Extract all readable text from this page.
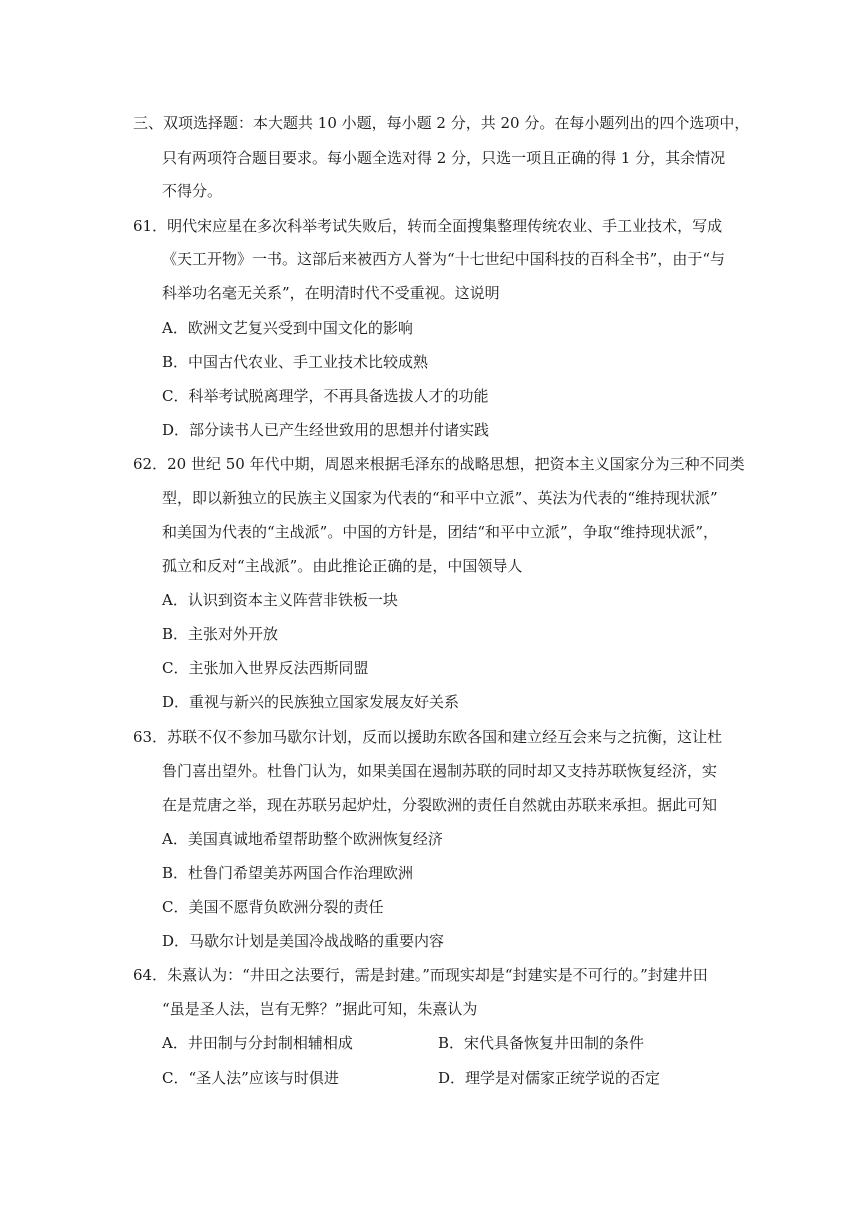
三、双项选择题：本大题共 10 小题，每小题 2 分，共 20 分。在每小题列出的四个选项中，
只有两项符合题目要求。每小题全选对得 2 分，只选一项且正确的得 1 分，其余情况
不得分。
61．明代宋应星在多次科举考试失败后，转而全面搜集整理传统农业、手工业技术，写成
《天工开物》一书。这部后来被西方人誉为“十七世纪中国科技的百科全书”，由于“与
科举功名毫无关系”，在明清时代不受重视。这说明
A．欧洲文艺复兴受到中国文化的影响
B．中国古代农业、手工业技术比较成熟
C．科举考试脱离理学，不再具备选拔人才的功能
D．部分读书人已产生经世致用的思想并付诸实践
62．20 世纪 50 年代中期，周恩来根据毛泽东的战略思想，把资本主义国家分为三种不同类
型，即以新独立的民族主义国家为代表的“和平中立派”、英法为代表的“维持现状派”
和美国为代表的“主战派”。中国的方针是，团结“和平中立派”，争取“维持现状派”，
孤立和反对“主战派”。由此推论正确的是，中国领导人
A．认识到资本主义阵营非铁板一块
B．主张对外开放
C．主张加入世界反法西斯同盟
D．重视与新兴的民族独立国家发展友好关系
63．苏联不仅不参加马歇尔计划，反而以援助东欧各国和建立经互会来与之抗衡，这让杜
鲁门喜出望外。杜鲁门认为，如果美国在遏制苏联的同时却又支持苏联恢复经济，实
在是荒唐之举，现在苏联另起炉灶，分裂欧洲的责任自然就由苏联来承担。据此可知
A．美国真诚地希望帮助整个欧洲恢复经济
B．杜鲁门希望美苏两国合作治理欧洲
C．美国不愿背负欧洲分裂的责任
D．马歇尔计划是美国冷战战略的重要内容
64．朱熹认为：“井田之法要行，需是封建。”而现实却是“封建实是不可行的。”封建井田
“虽是圣人法，岂有无弊？”据此可知，朱熹认为
A．井田制与分封制相辅相成	B．宋代具备恢复井田制的条件
C．“圣人法”应该与时俱进	D．理学是对儒家正统学说的否定
